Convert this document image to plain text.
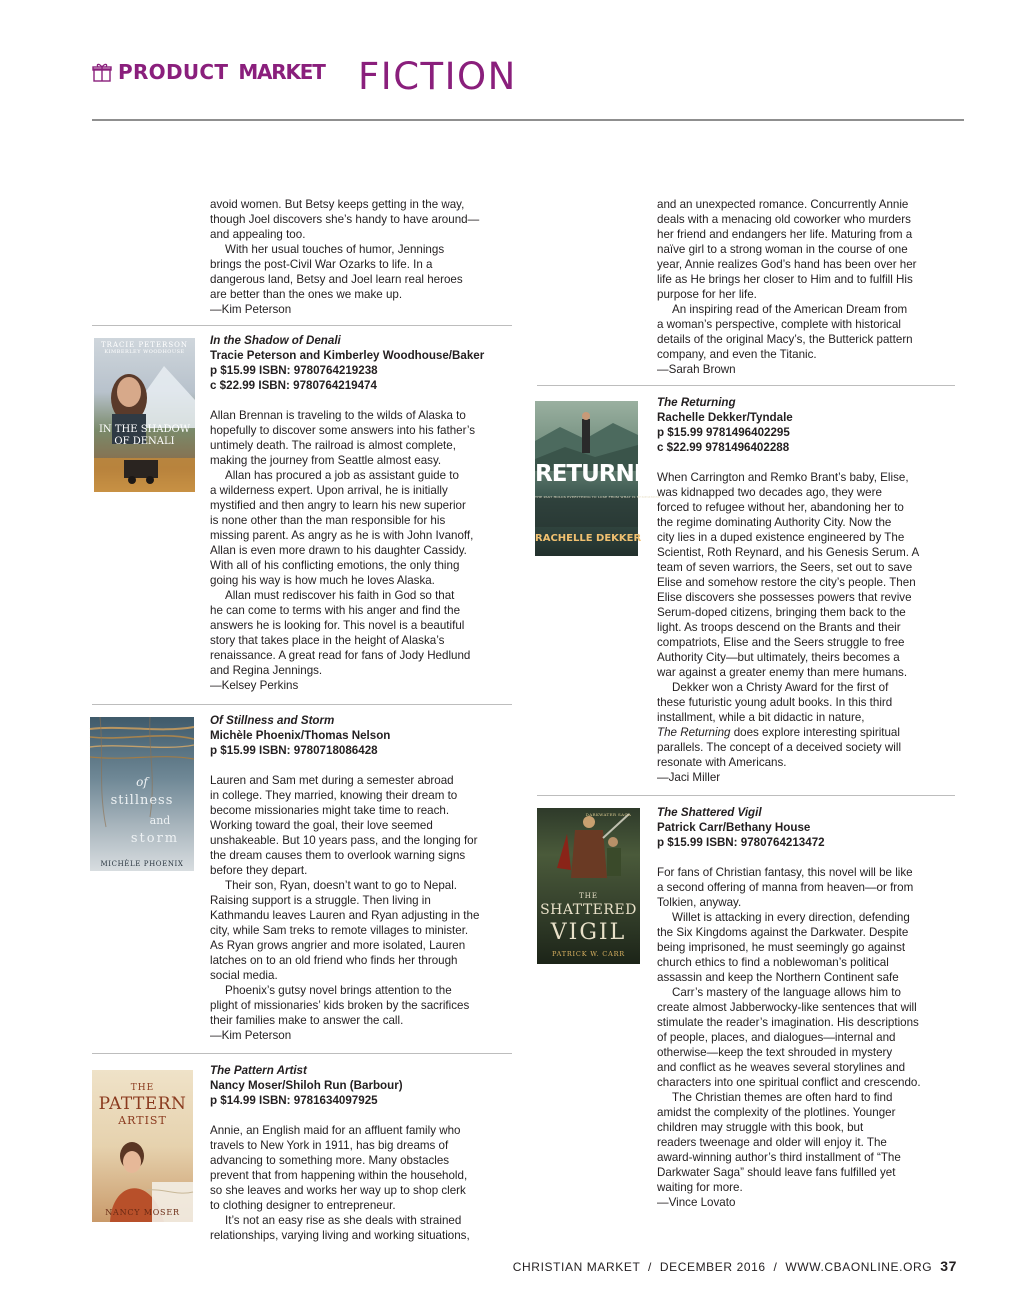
PRODUCT MARKET FICTION

avoid women. But Betsy keeps getting in the way,

though Joel discovers she’s handy to have around—

and appealing too.

With her usual touches of humor, Jennings

brings the post-Civil War Ozarks to life. In a

dangerous land, Betsy and Joel learn real heroes

are better than the ones we make up.

—Kim Peterson

TRACIE PETERSON
KIMBERLEY WOODHOUSE
IN THE SHADOW
OF DENALI

In the Shadow of Denali

Tracie Peterson and Kimberley Woodhouse/Baker

p $15.99 ISBN: 9780764219238

c $22.99 ISBN: 9780764219474

Allan Brennan is traveling to the wilds of Alaska to

hopefully to discover some answers into his father’s

untimely death. The railroad is almost complete,

making the journey from Seattle almost easy.

Allan has procured a job as assistant guide to

a wilderness expert. Upon arrival, he is initially

mystified and then angry to learn his new superior

is none other than the man responsible for his

missing parent. As angry as he is with John Ivanoff,

Allan is even more drawn to his daughter Cassidy.

With all of his conflicting emotions, the only thing

going his way is how much he loves Alaska.

Allan must rediscover his faith in God so that

he can come to terms with his anger and find the

answers he is looking for. This novel is a beautiful

story that takes place in the height of Alaska’s

renaissance. A great read for fans of Jody Hedlund

and Regina Jennings.

—Kelsey Perkins

of
stillness
and
storm
MICHÈLE PHOENIX

Of Stillness and Storm

Michèle Phoenix/Thomas Nelson

p $15.99 ISBN: 9780718086428

Lauren and Sam met during a semester abroad

in college. They married, knowing their dream to

become missionaries might take time to reach.

Working toward the goal, their love seemed

unshakeable. But 10 years pass, and the longing for

the dream causes them to overlook warning signs

before they depart.

Their son, Ryan, doesn’t want to go to Nepal.

Raising support is a struggle. Then living in

Kathmandu leaves Lauren and Ryan adjusting in the

city, while Sam treks to remote villages to minister.

As Ryan grows angrier and more isolated, Lauren

latches on to an old friend who finds her through

social media.

Phoenix’s gutsy novel brings attention to the

plight of missionaries’ kids broken by the sacrifices

their families make to answer the call.

—Kim Peterson

THE
PATTERN
ARTIST
NANCY MOSER

The Pattern Artist

Nancy Moser/Shiloh Run (Barbour)

p $14.99 ISBN: 9781634097925

Annie, an English maid for an affluent family who

travels to New York in 1911, has big dreams of

advancing to something more. Many obstacles

prevent that from happening within the household,

so she leaves and works her way up to shop clerk

to clothing designer to entrepreneur.

It’s not an easy rise as she deals with strained

relationships, varying living and working situations,

and an unexpected romance. Concurrently Annie

deals with a menacing old coworker who murders

her friend and endangers her life. Maturing from a

naïve girl to a strong woman in the course of one

year, Annie realizes God’s hand has been over her

life as He brings her closer to Him and to fulfill His

purpose for her life.

An inspiring read of the American Dream from

a woman’s perspective, complete with historical

details of the original Macy’s, the Butterick pattern

company, and even the Titanic.

—Sarah Brown

RETURNING
THE PAST HOLDS EVERYTHING TO LOSE FROM WHAT IS REMEMBERED
RACHELLE DEKKER

The Returning

Rachelle Dekker/Tyndale

p $15.99 9781496402295

c $22.99 9781496402288

When Carrington and Remko Brant’s baby, Elise,

was kidnapped two decades ago, they were

forced to refugee without her, abandoning her to

the regime dominating Authority City. Now the

city lies in a duped existence engineered by The

Scientist, Roth Reynard, and his Genesis Serum. A

team of seven warriors, the Seers, set out to save

Elise and somehow restore the city’s people. Then

Elise discovers she possesses powers that revive

Serum-doped citizens, bringing them back to the

light. As troops descend on the Brants and their

compatriots, Elise and the Seers struggle to free

Authority City—but ultimately, theirs becomes a

war against a greater enemy than mere humans.

Dekker won a Christy Award for the first of

these futuristic young adult books. In this third

installment, while a bit didactic in nature,

The Returning does explore interesting spiritual

parallels. The concept of a deceived society will

resonate with Americans.

—Jaci Miller

DARKWATER SAGA
THE
SHATTERED
VIGIL
PATRICK W. CARR

The Shattered Vigil

Patrick Carr/Bethany House

p $15.99 ISBN: 9780764213472

For fans of Christian fantasy, this novel will be like

a second offering of manna from heaven—or from

Tolkien, anyway.

Willet is attacking in every direction, defending

the Six Kingdoms against the Darkwater. Despite

being imprisoned, he must seemingly go against

church ethics to find a noblewoman’s political

assassin and keep the Northern Continent safe

Carr’s mastery of the language allows him to

create almost Jabberwocky-like sentences that will

stimulate the reader’s imagination. His descriptions

of people, places, and dialogues—internal and

otherwise—keep the text shrouded in mystery

and conflict as he weaves several storylines and

characters into one spiritual conflict and crescendo.

The Christian themes are often hard to find

amidst the complexity of the plotlines. Younger

children may struggle with this book, but

readers tweenage and older will enjoy it. The

award-winning author’s third installment of “The

Darkwater Saga” should leave fans fulfilled yet

waiting for more.

—Vince Lovato

CHRISTIAN MARKET  /  DECEMBER 2016  /  WWW.CBAONLINE.ORG 37
